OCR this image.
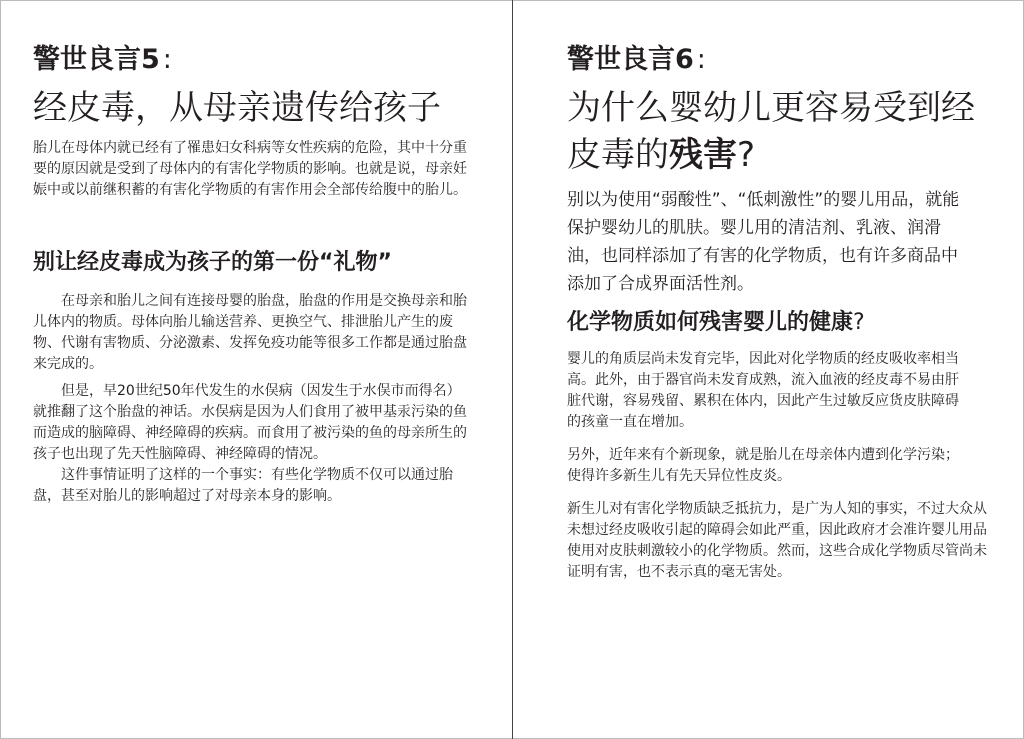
警世良言5 :
经皮毒，从母亲遗传给孩子

胎儿在母体内就已经有了罹患妇女科病等女性疾病的危险，其中十分重要的原因就是受到了母体内的有害化学物质的影响。也就是说，母亲妊娠中或以前继积蓄的有害化学物质的有害作用会全部传给腹中的胎儿。

别让经皮毒成为孩子的第一份“礼物”

在母亲和胎儿之间有连接母婴的胎盘，胎盘的作用是交换母亲和胎儿体内的物质。母体向胎儿输送营养、更换空气、排泄胎儿产生的废物、代谢有害物质、分泌激素、发挥免疫功能等很多工作都是通过胎盘来完成的。

但是，早20世纪50年代发生的水俣病（因发生于水俣市而得名）就推翻了这个胎盘的神话。水俣病是因为人们食用了被甲基汞污染的鱼而造成的脑障碍、神经障碍的疾病。而食用了被污染的鱼的母亲所生的孩子也出现了先天性脑障碍、神经障碍的情况。

这件事情证明了这样的一个事实：有些化学物质不仅可以通过胎盘，甚至对胎儿的影响超过了对母亲本身的影响。

警世良言6 :
为什么婴幼儿更容易受到经皮毒的残害?

别以为使用“弱酸性”、“低刺激性”的婴儿用品，就能保护婴幼儿的肌肤。婴儿用的清洁剂、乳液、润滑油，也同样添加了有害的化学物质，也有许多商品中添加了合成界面活性剂。

化学物质如何残害婴儿的健康?

婴儿的角质层尚未发育完毕，因此对化学物质的经皮吸收率相当高。此外，由于器官尚未发育成熟，流入血液的经皮毒不易由肝脏代谢，容易残留、累积在体内，因此产生过敏反应货皮肤障碍的孩童一直在增加。

另外，近年来有个新现象，就是胎儿在母亲体内遭到化学污染；使得许多新生儿有先天异位性皮炎。

新生儿对有害化学物质缺乏抵抗力，是广为人知的事实，不过大众从未想过经皮吸收引起的障碍会如此严重，因此政府才会准许婴儿用品使用对皮肤刺激较小的化学物质。然而，这些合成化学物质尽管尚未证明有害，也不表示真的毫无害处。
